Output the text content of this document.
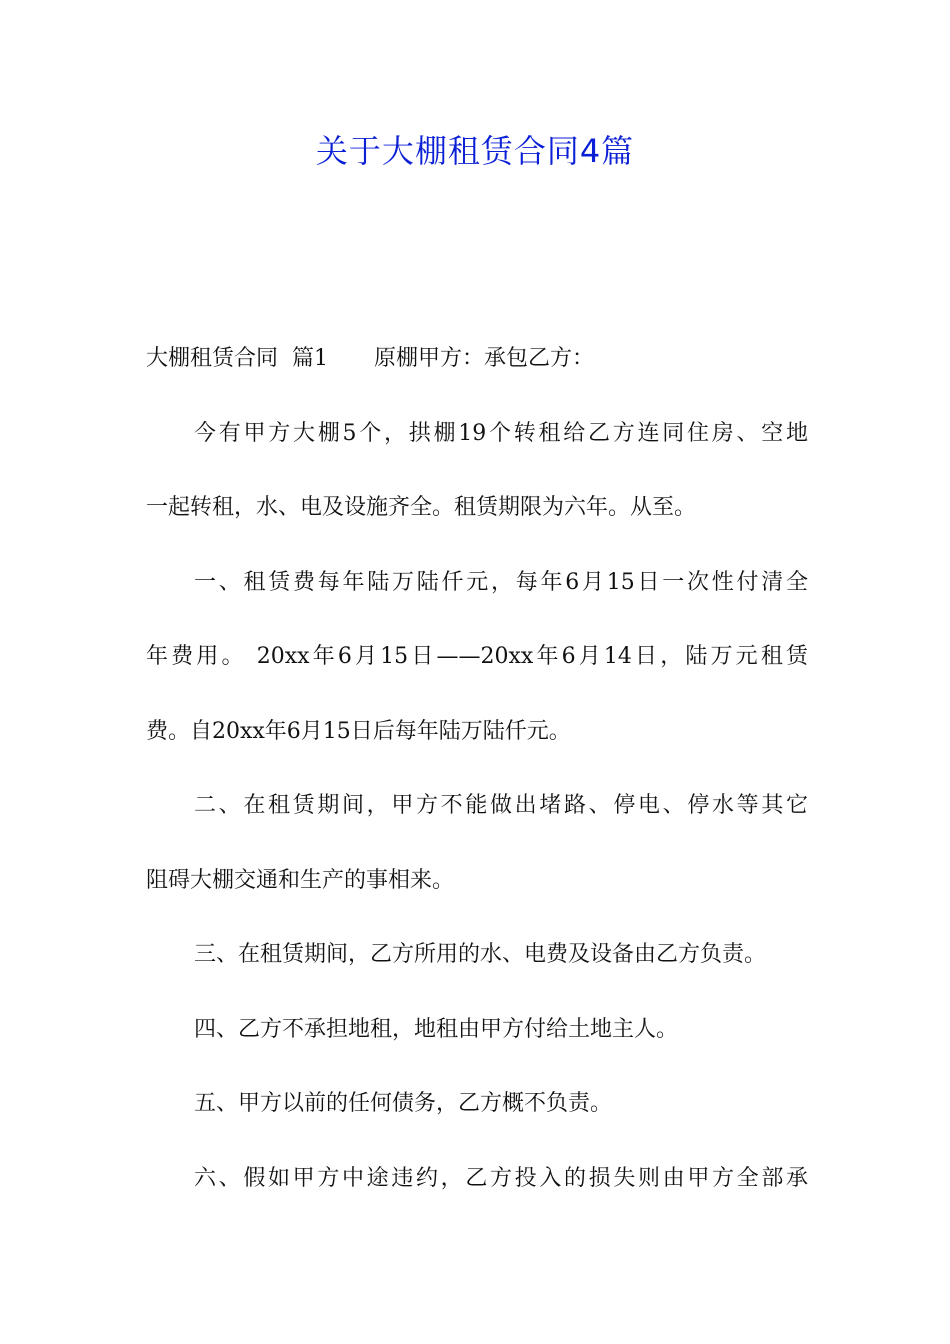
关于大棚租赁合同4篇
大棚租赁合同 篇1 原棚甲方：承包乙方：
今有甲方大棚5个，拱棚19个转租给乙方连同住房、空地
一起转租，水、电及设施齐全。租赁期限为六年。从至。
一、租赁费每年陆万陆仟元，每年6月15日一次性付清全
年费用。 20xx年6月15日——20xx年6月14日，陆万元租赁
费。自20xx年6月15日后每年陆万陆仟元。
二、在租赁期间，甲方不能做出堵路、停电、停水等其它
阻碍大棚交通和生产的事相来。
三、在租赁期间，乙方所用的水、电费及设备由乙方负责。
四、乙方不承担地租，地租由甲方付给土地主人。
五、甲方以前的任何债务，乙方概不负责。
六、假如甲方中途违约，乙方投入的损失则由甲方全部承
